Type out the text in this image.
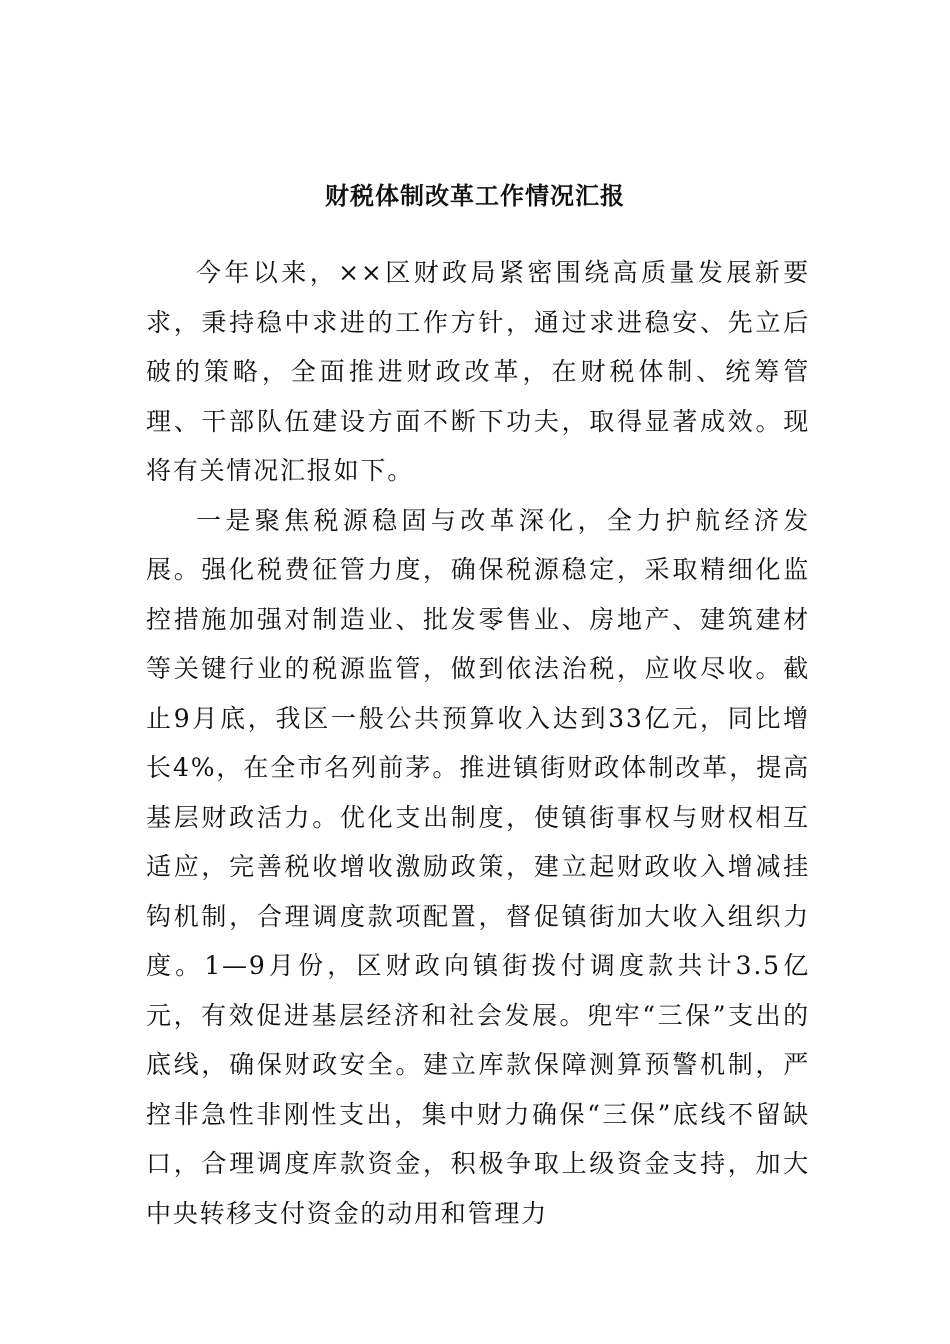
财税体制改革工作情况汇报

今年以来，××区财政局紧密围绕高质量发展新要求，秉持稳中求进的工作方针，通过求进稳安、先立后破的策略，全面推进财政改革，在财税体制、统筹管理、干部队伍建设方面不断下功夫，取得显著成效。现将有关情况汇报如下。

一是聚焦税源稳固与改革深化，全力护航经济发展。强化税费征管力度，确保税源稳定，采取精细化监控措施加强对制造业、批发零售业、房地产、建筑建材等关键行业的税源监管，做到依法治税，应收尽收。截止9月底，我区一般公共预算收入达到33亿元，同比增长4%，在全市名列前茅。推进镇街财政体制改革，提高基层财政活力。优化支出制度，使镇街事权与财权相互适应，完善税收增收激励政策，建立起财政收入增减挂钩机制，合理调度款项配置，督促镇街加大收入组织力度。1—9月份，区财政向镇街拨付调度款共计3.5亿元，有效促进基层经济和社会发展。兜牢“三保”支出的底线，确保财政安全。建立库款保障测算预警机制，严控非急性非刚性支出，集中财力确保“三保”底线不留缺口，合理调度库款资金，积极争取上级资金支持，加大中央转移支付资金的动用和管理力
